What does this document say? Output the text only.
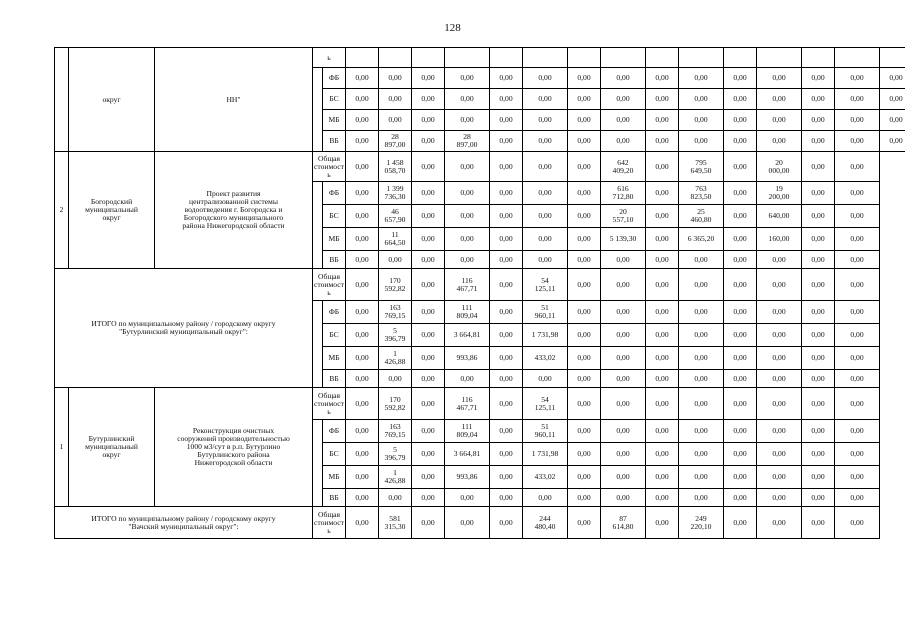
128
	округ	НН"	ь																
	ФБ	0,00	0,00	0,00	0,00	0,00	0,00	0,00	0,00	0,00	0,00	0,00	0,00	0,00	0,00	0,00
				БС	0,00	0,00	0,00	0,00	0,00	0,00	0,00	0,00	0,00	0,00	0,00	0,00	0,00	0,00	0,00
				МБ	0,00	0,00	0,00	0,00	0,00	0,00	0,00	0,00	0,00	0,00	0,00	0,00	0,00	0,00	0,00
				ВБ	0,00	28
897,00	0,00	28
897,00	0,00	0,00	0,00	0,00	0,00	0,00	0,00	0,00	0,00	0,00	0,00
2	Богородский
муниципальный
округ	Проект развития
централизованной системы
водоотведения г. Богородска и
Богородского муниципального
района Нижегородской области	Общая
стоимост
ь		0,00	1 458
058,70	0,00	0,00	0,00	0,00	0,00	642
409,20	0,00	795
649,50	0,00	20
000,00	0,00	0,00	
	ФБ	0,00	1 399
736,30	0,00	0,00	0,00	0,00	0,00	616
712,80	0,00	763
823,50	0,00	19
200,00	0,00	0,00	
				БС	0,00	46
657,90	0,00	0,00	0,00	0,00	0,00	20
557,10	0,00	25
460,80	0,00	640,00	0,00	0,00	
				МБ	0,00	11
664,50	0,00	0,00	0,00	0,00	0,00	5 139,30	0,00	6 365,20	0,00	160,00	0,00	0,00	
				ВБ	0,00	0,00	0,00	0,00	0,00	0,00	0,00	0,00	0,00	0,00	0,00	0,00	0,00	0,00	
ИТОГО по муниципальному району / городскому округу
"Бутурлинский муниципальный округ":			Общая
стоимост
ь		0,00	170
592,82	0,00	116
467,71	0,00	54
125,11	0,00	0,00	0,00	0,00	0,00	0,00	0,00	0,00	
	ФБ	0,00	163
769,15	0,00	111
809,04	0,00	51
960,11	0,00	0,00	0,00	0,00	0,00	0,00	0,00	0,00	
				БС	0,00	5
396,79	0,00	3 664,81	0,00	1 731,98	0,00	0,00	0,00	0,00	0,00	0,00	0,00	0,00	
				МБ	0,00	1
426,88	0,00	993,86	0,00	433,02	0,00	0,00	0,00	0,00	0,00	0,00	0,00	0,00	
				ВБ	0,00	0,00	0,00	0,00	0,00	0,00	0,00	0,00	0,00	0,00	0,00	0,00	0,00	0,00	
1	Бутурлинский
муниципальный
округ	Реконструкция очистных
сооружений производительностью
1000 м3/сут в р.п. Бутурлино
Бутурлинского района
Нижегородской области	Общая
стоимост
ь		0,00	170
592,82	0,00	116
467,71	0,00	54
125,11	0,00	0,00	0,00	0,00	0,00	0,00	0,00	0,00	
	ФБ	0,00	163
769,15	0,00	111
809,04	0,00	51
960,11	0,00	0,00	0,00	0,00	0,00	0,00	0,00	0,00	
				БС	0,00	5
396,79	0,00	3 664,81	0,00	1 731,98	0,00	0,00	0,00	0,00	0,00	0,00	0,00	0,00	
				МБ	0,00	1
426,88	0,00	993,86	0,00	433,02	0,00	0,00	0,00	0,00	0,00	0,00	0,00	0,00	
				ВБ	0,00	0,00	0,00	0,00	0,00	0,00	0,00	0,00	0,00	0,00	0,00	0,00	0,00	0,00	
ИТОГО по муниципальному району / городскому округу
"Вачский муниципальный округ":			Общая
стоимост
ь		0,00	581
315,30	0,00	0,00	0,00	244
480,40	0,00	87
614,80	0,00	249
220,10	0,00	0,00	0,00	0,00	
